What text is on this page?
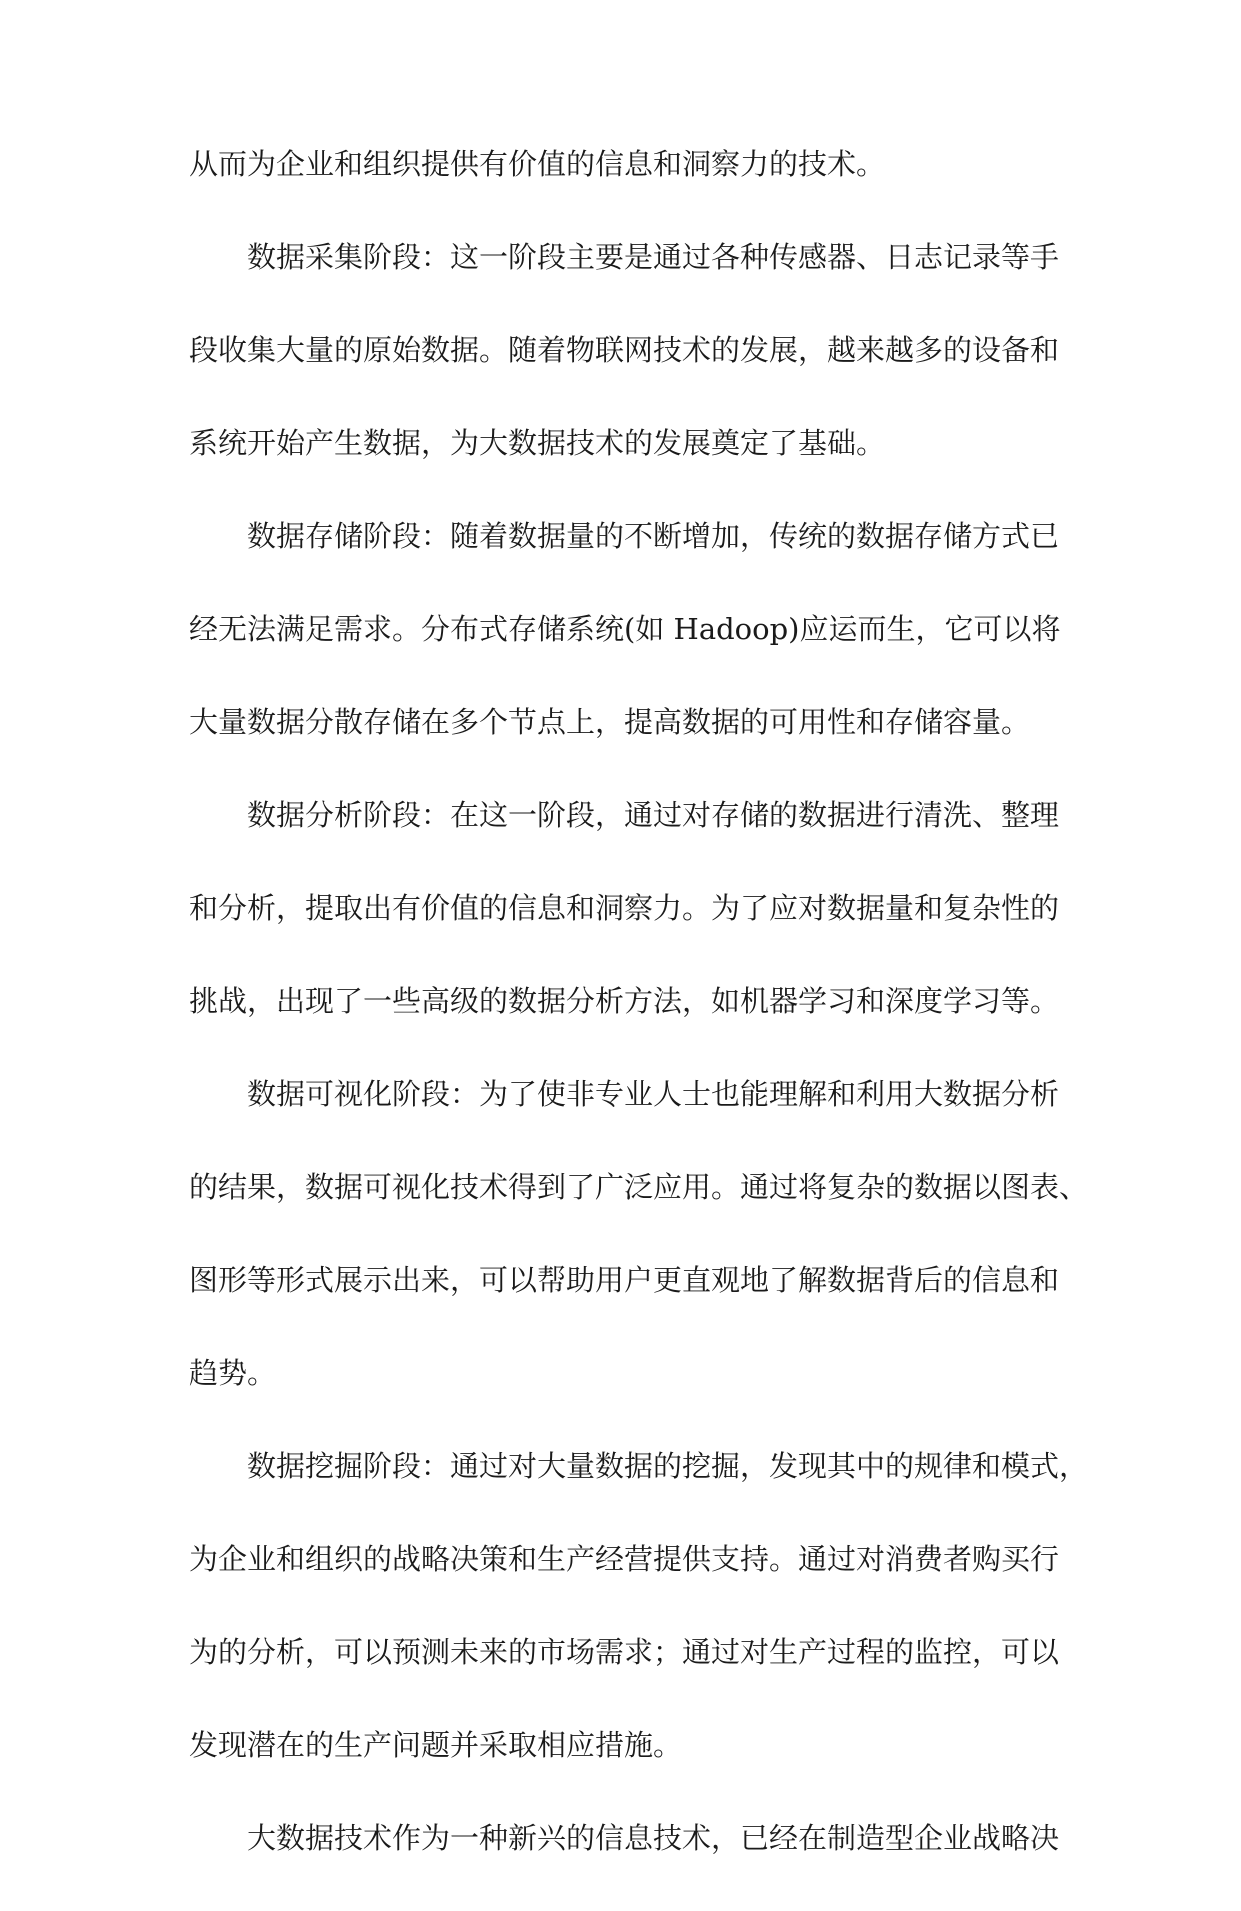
从而为企业和组织提供有价值的信息和洞察力的技术。
数据采集阶段：这一阶段主要是通过各种传感器、日志记录等手
段收集大量的原始数据。随着物联网技术的发展，越来越多的设备和
系统开始产生数据，为大数据技术的发展奠定了基础。
数据存储阶段：随着数据量的不断增加，传统的数据存储方式已
经无法满足需求。分布式存储系统(如 Hadoop)应运而生，它可以将
大量数据分散存储在多个节点上，提高数据的可用性和存储容量。
数据分析阶段：在这一阶段，通过对存储的数据进行清洗、整理
和分析，提取出有价值的信息和洞察力。为了应对数据量和复杂性的
挑战，出现了一些高级的数据分析方法，如机器学习和深度学习等。
数据可视化阶段：为了使非专业人士也能理解和利用大数据分析
的结果，数据可视化技术得到了广泛应用。通过将复杂的数据以图表、
图形等形式展示出来，可以帮助用户更直观地了解数据背后的信息和
趋势。
数据挖掘阶段：通过对大量数据的挖掘，发现其中的规律和模式，
为企业和组织的战略决策和生产经营提供支持。通过对消费者购买行
为的分析，可以预测未来的市场需求；通过对生产过程的监控，可以
发现潜在的生产问题并采取相应措施。
大数据技术作为一种新兴的信息技术，已经在制造型企业战略决
